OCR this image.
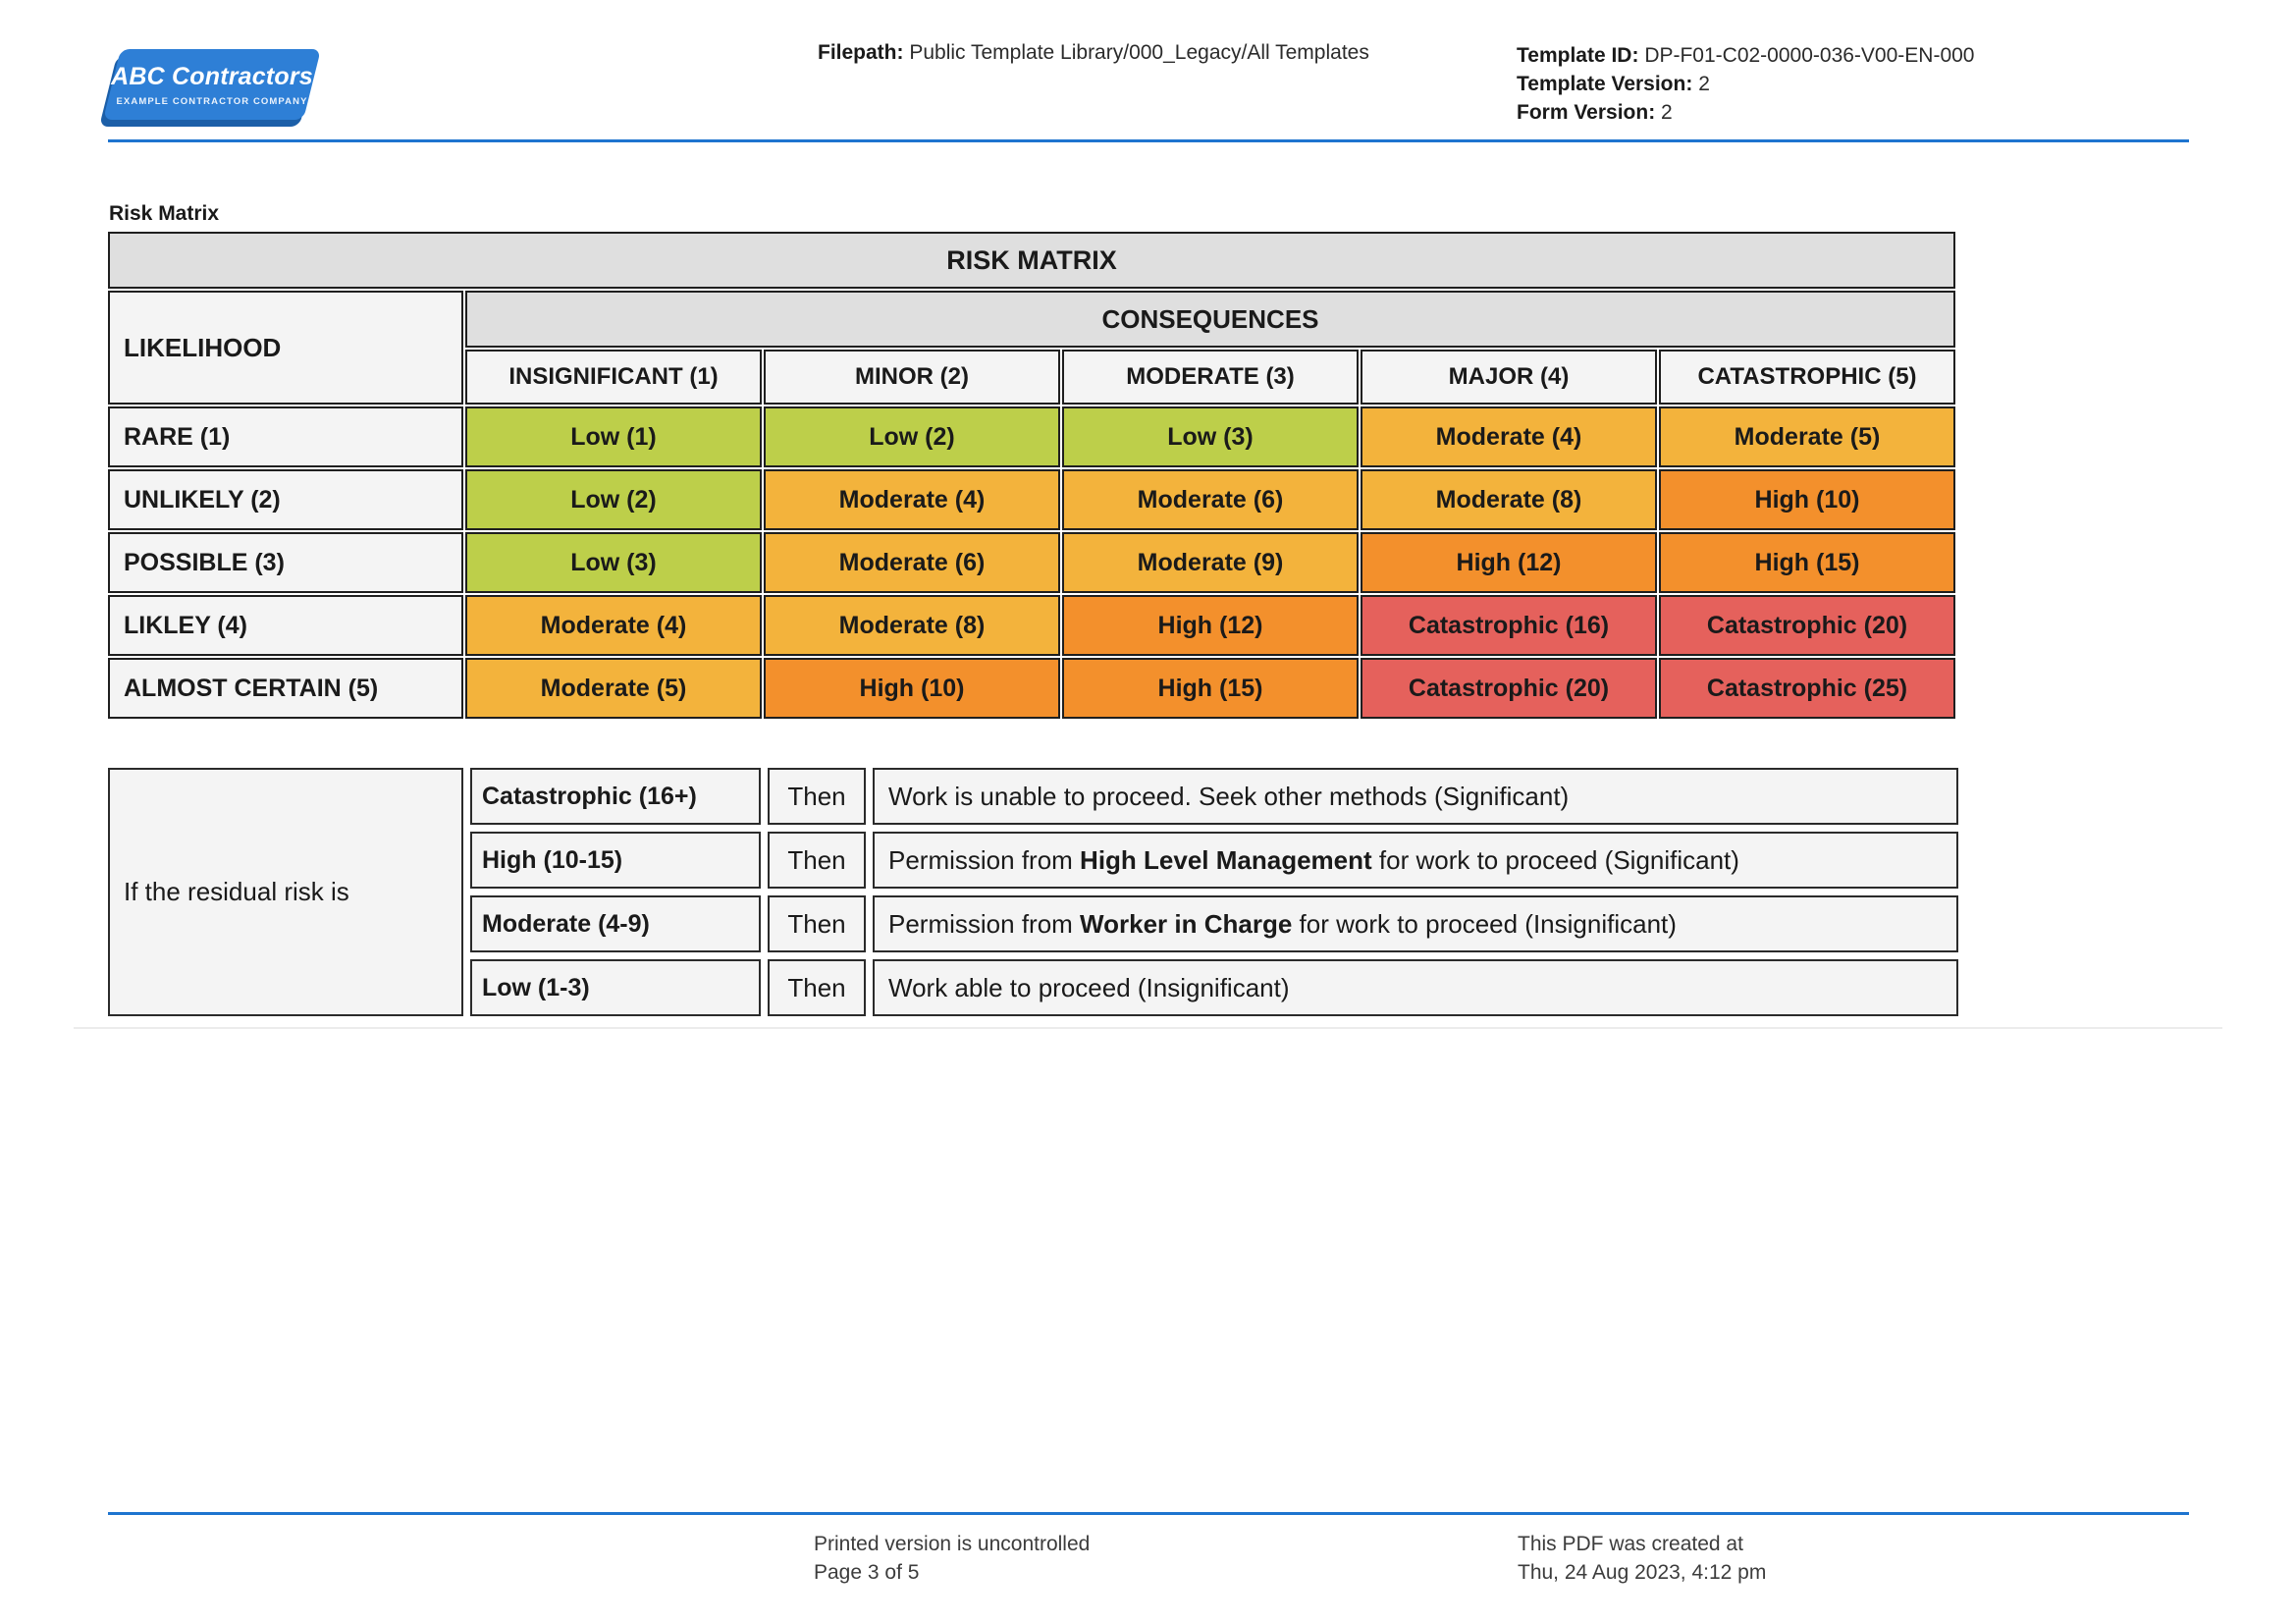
ABC Contractors
EXAMPLE CONTRACTOR COMPANY
Filepath: Public Template Library/000_Legacy/All Templates	Template ID: DP-F01-C02-0000-036-V00-EN-000
Template Version: 2
Form Version: 2
Risk Matrix
RISK MATRIX					
LIKELIHOOD	CONSEQUENCES				
	INSIGNIFICANT (1)	MINOR (2)	MODERATE (3)	MAJOR (4)	CATASTROPHIC (5)
RARE (1)	Low (1)	Low (2)	Low (3)	Moderate (4)	Moderate (5)
UNLIKELY (2)	Low (2)	Moderate (4)	Moderate (6)	Moderate (8)	High (10)
POSSIBLE (3)	Low (3)	Moderate (6)	Moderate (9)	High (12)	High (15)
LIKLEY (4)	Moderate (4)	Moderate (8)	High (12)	Catastrophic (16)	Catastrophic (20)
ALMOST CERTAIN (5)	Moderate (5)	High (10)	High (15)	Catastrophic (20)	Catastrophic (25)
If the residual risk is	Catastrophic (16+)	Then	Work is unable to proceed. Seek other methods (Significant)
	High (10-15)	Then	Permission from High Level Management for work to proceed (Significant)
	Moderate (4-9)	Then	Permission from Worker in Charge for work to proceed (Insignificant)
	Low (1-3)	Then	Work able to proceed (Insignificant)
Printed version is uncontrolled
Page 3 of 5
This PDF was created at
Thu, 24 Aug 2023, 4:12 pm
